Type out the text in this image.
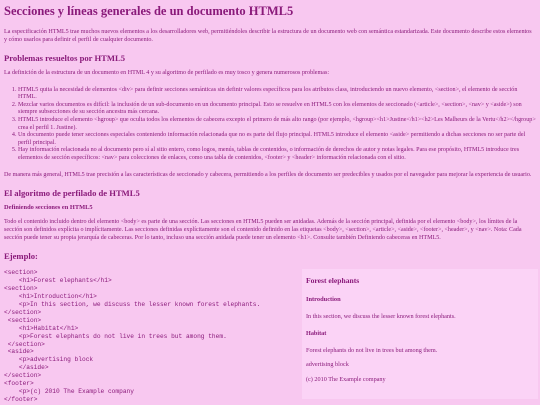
Secciones y líneas generales de un documento HTML5

La especificación HTML5 trae muchos nuevos elementos a los desarrolladores web, permitiéndoles describir la estructura de un documento web con semántica estandarizada. Este documento describe estos elementos y cómo usarlos para definir el perfil de cualquier documento.

Problemas resueltos por HTML5

La definición de la estructura de un documento en HTML 4 y su algoritmo de perfilado es muy tosco y genera numerosos problemas:

1. HTML5 quita la necesidad de elementos <div> para definir secciones semánticas sin definir valores específicos para los atributos class, introduciendo un nuevo elemento, <section>, el elemento de sección HTML.
2. Mezclar varios documentos es difícil: la inclusión de un sub-documento en un documento principal. Esto se resuelve en HTML5 con los elementos de seccionado (<article>, <section>, <nav> y <aside>) son siempre subsecciones de su sección ancestra más cercana.
3. HTML5 introduce el elemento <hgroup> que oculta todos los elementos de cabecera excepto el primero de más alto rango (por ejemplo, <hgroup><h1>Justine</h1><h2>Les Malheurs de la Vertu</h2></hgroup> crea el perfil 1. Justine).
4. Un documento puede tener secciones especiales conteniendo información relacionada que no es parte del flujo principal. HTML5 introduce el elemento <aside> permitiendo a dichas secciones no ser parte del perfil principal.
5. Hay información relacionada no al documento pero sí al sitio entero, como logos, menús, tablas de contenidos, o información de derechos de autor y notas legales. Para ese propósito, HTML5 introduce tres elementos de sección específicos: <nav> para colecciones de enlaces, como una tabla de contenidos, <footer> y <header> información relacionada con el sitio.

De manera más general, HTML5 trae precisión a las características de seccionado y cabecera, permitiendo a los perfiles de documento ser predecibles y usados por el navegador para mejorar la experiencia de usuario.

El algoritmo de perfilado de HTML5
Definiendo secciones en HTML5

Todo el contenido incluido dentro del elemento <body> es parte de una sección. Las secciones en HTML5 pueden ser anidadas. Además de la sección principal, definida por el elemento <body>, los límites de la sección son definidos explícita o implícitamente. Las secciones definidas explícitamente son el contenido definido en las etiquetas <body>, <section>, <article>, <aside>, <footer>, <header>, y <nav>. Nota: Cada sección puede tener su propia jerarquía de cabeceras. Por lo tanto, incluso una sección anidada puede tener un elemento <h1>. Consulte también Definiendo cabeceras en HTML5.

Ejemplo:
<section>
<h1>Forest elephants</h1>
<section>
<h1>Introduction</h1>
<p>In this section, we discuss the lesser known forest elephants.
</section>
<section>
<h1>Habitat</h1>
<p>Forest elephants do not live in trees but among them.
</section>
<aside>
<p>advertising block
</aside>
</section>
<footer>
<p>(c) 2010 The Example company
</footer>
Forest elephants
Introduction
In this section, we discuss the lesser known forest elephants.
Habitat
Forest elephants do not live in trees but among them.
advertising block
(c) 2010 The Example company
